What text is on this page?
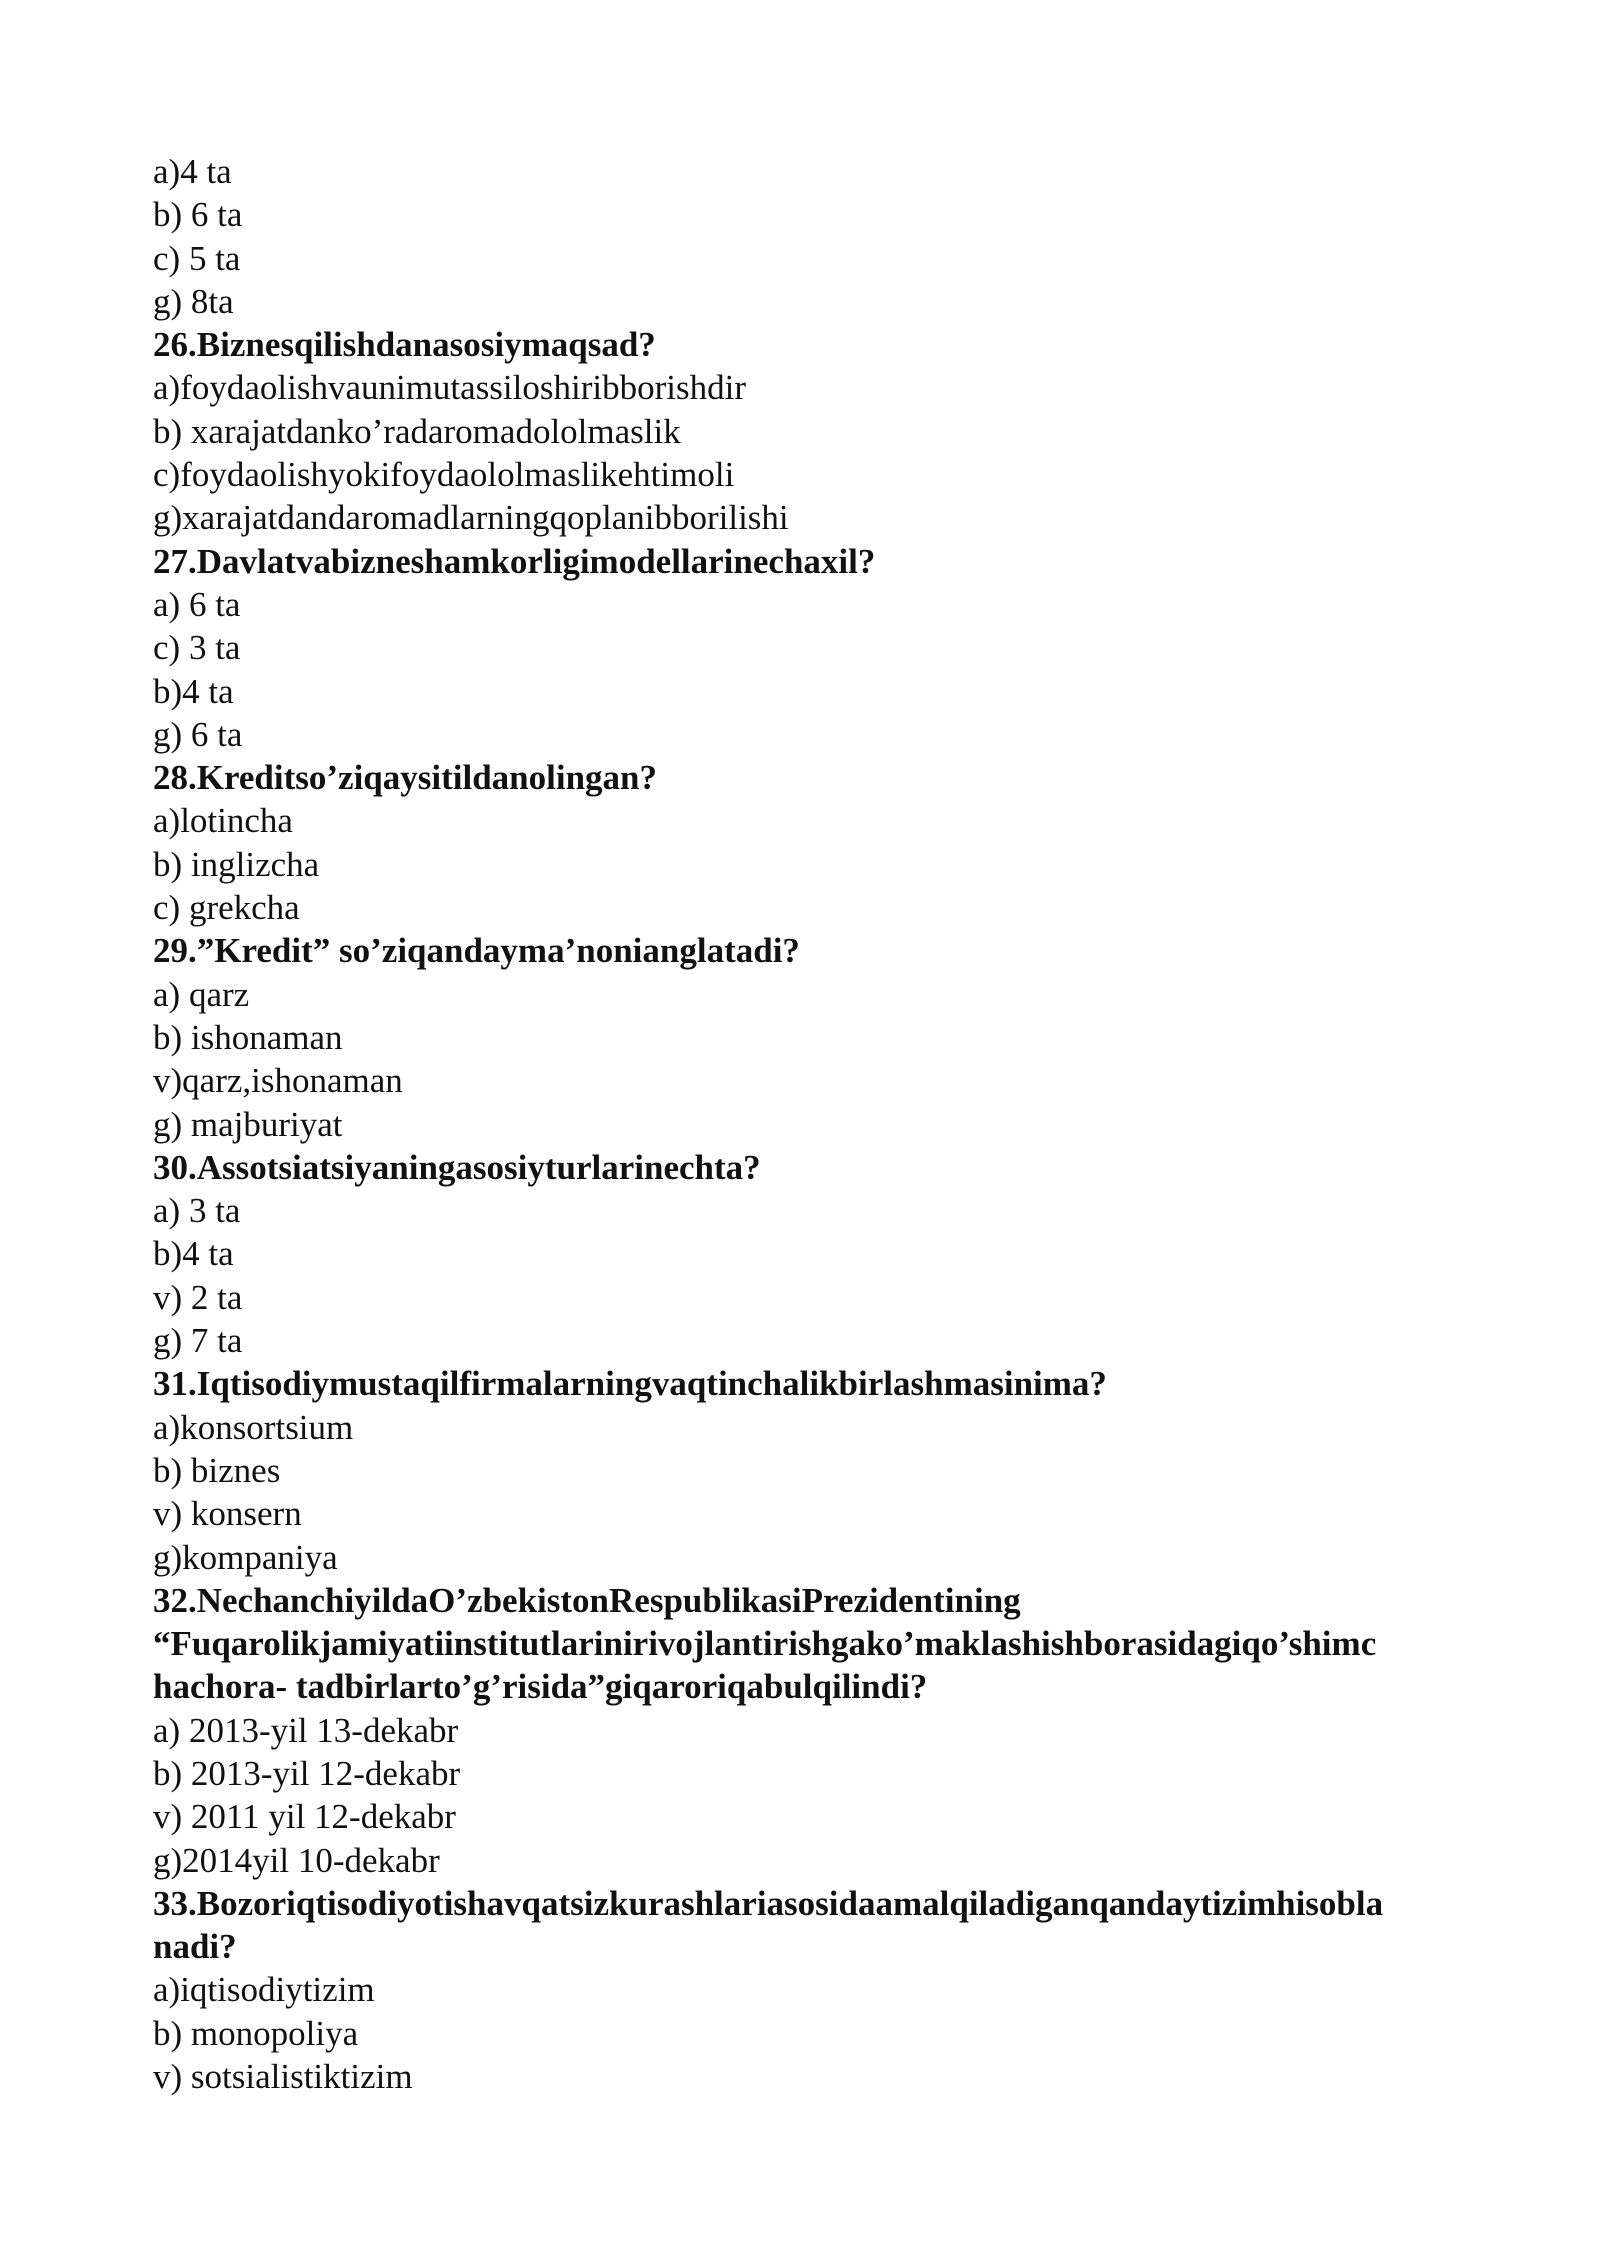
a)4 ta
b) 6 ta
c) 5 ta
g) 8ta
26.Biznesqilishdanasosiymaqsad?
a)foydaolishvaunimutassiloshiribborishdir
b) xarajatdanko’radaromadololmaslik
c)foydaolishyokifoydaololmaslikehtimoli
g)xarajatdandaromadlarningqoplanibborilishi
27.Davlatvabizneshamkorligimodellarinechaxil?
a) 6 ta
c) 3 ta
b)4 ta
g) 6 ta
28.Kreditso’ziqaysitildanolingan?
a)lotincha
b) inglizcha
c) grekcha
29.”Kredit” so’ziqandayma’nonianglatadi?
a) qarz
b) ishonaman
v)qarz,ishonaman
g) majburiyat
30.Assotsiatsiyaningasosiyturlarinechta?
a) 3 ta
b)4 ta
v) 2 ta
g) 7 ta
31.Iqtisodiymustaqilfirmalarningvaqtinchalikbirlashmasinima?
a)konsortsium
b) biznes
v) konsern
g)kompaniya
32.NechanchiyildaO’zbekistonRespublikasiPrezidentining
“Fuqarolikjamiyatiinstitutlarinirivojlantirishgako’maklashishborasidagiqo’shimc
hachora- tadbirlarto’g’risida”giqaroriqabulqilindi?
a) 2013-yil 13-dekabr
b) 2013-yil 12-dekabr
v) 2011 yil 12-dekabr
g)2014yil 10-dekabr
33.Bozoriqtisodiyotishavqatsizkurashlariasosidaamalqiladiganqandaytizimhisobla
nadi?
a)iqtisodiytizim
b) monopoliya
v) sotsialistiktizim
